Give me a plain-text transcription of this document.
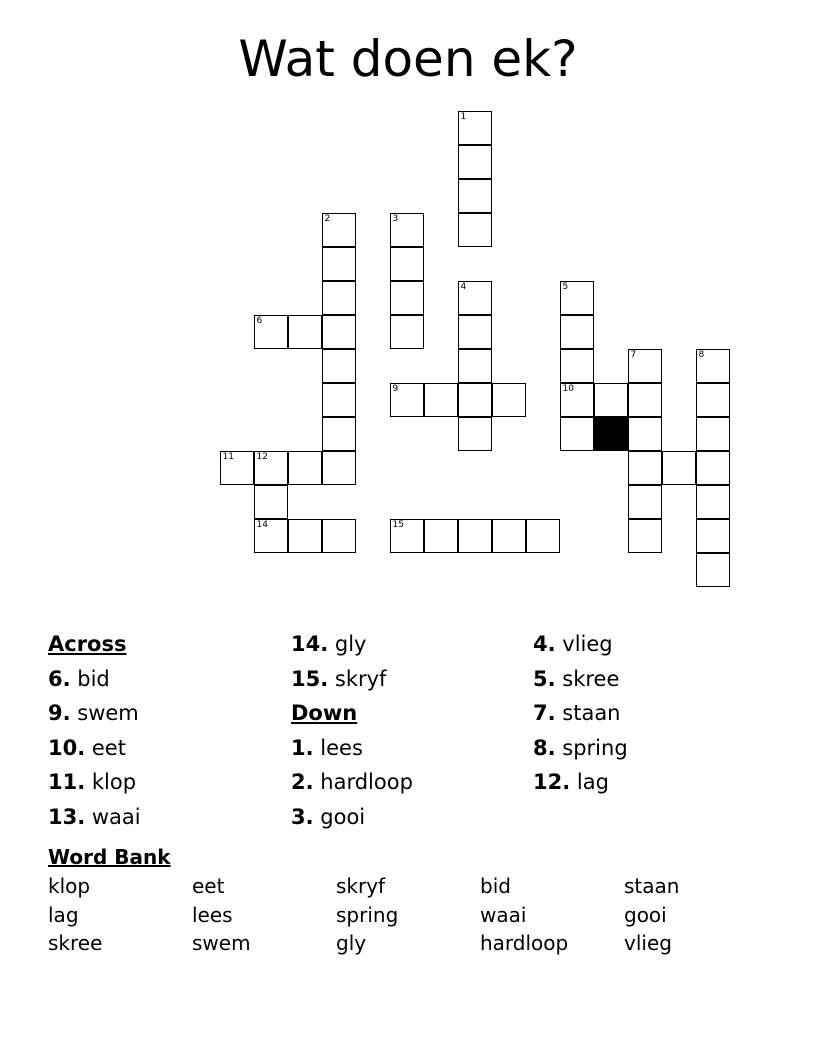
Wat doen ek?
1
2	3
4	5
10
6
7	8
9
11	12
14	15
Across
6. bid
9. swem
10. eet
11. klop
13. waai
14. gly
15. skryf
Down
1. lees
2. hardloop
3. gooi
4. vlieg
5. skree
7. staan
8. spring
12. lag
Word Bank
klop
lag
skree
eet
lees
swem
skryf
spring
gly
bid
waai
hardloop
staan
gooi
vlieg
